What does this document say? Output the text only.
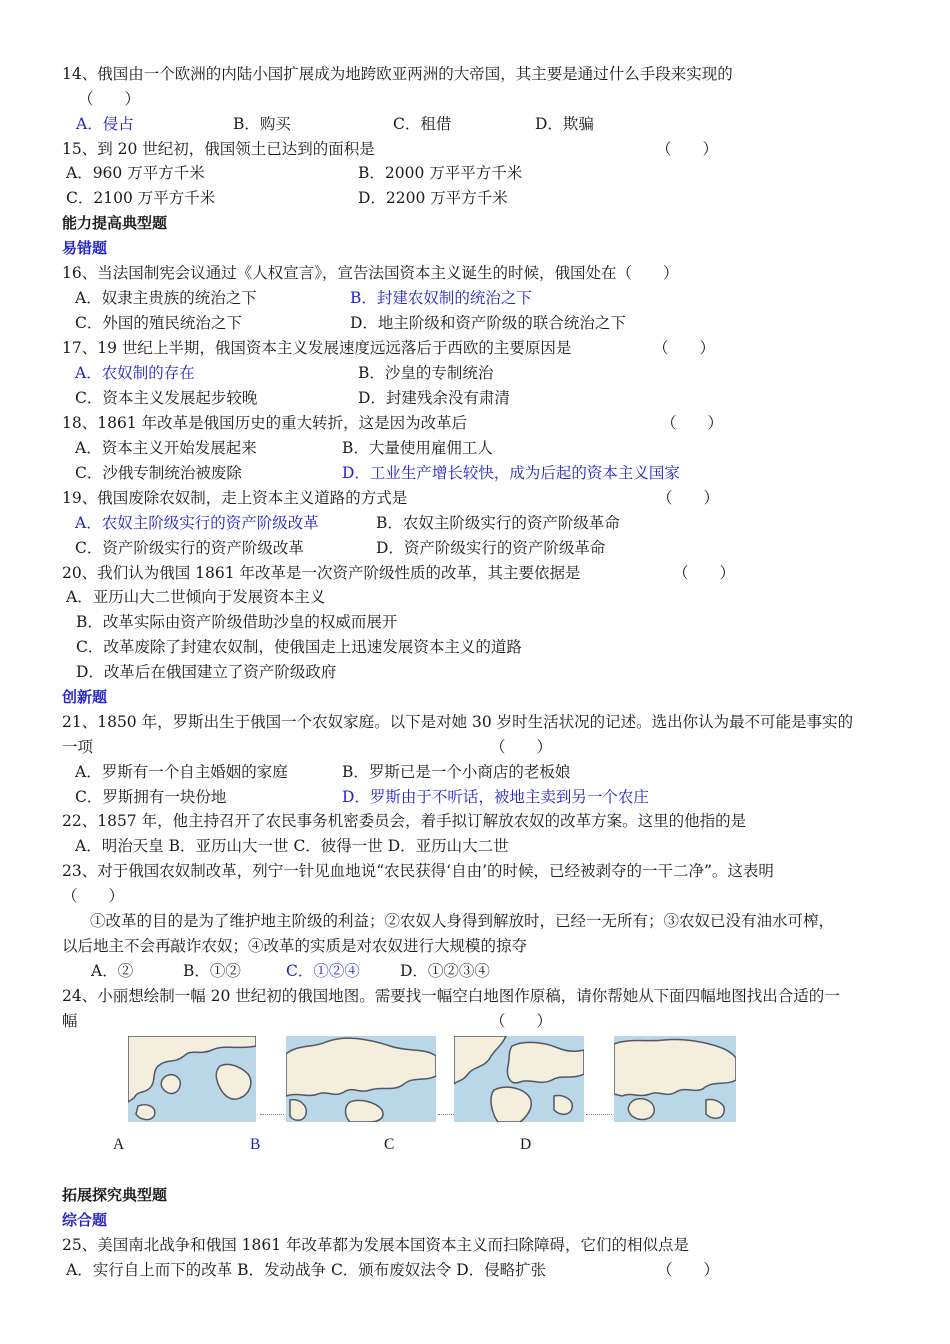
14、俄国由一个欧洲的内陆小国扩展成为地跨欧亚两洲的大帝国，其主要是通过什么手段来实现的
（　　）
A．侵占	B．购买	C．租借	D．欺骗
15、到 20 世纪初，俄国领土已达到的面积是	（　　）
A．960 万平方千米	B．2000 万平平方千米
C．2100 万平方千米	D．2200 万平方千米
能力提高典型题
易错题
16、当法国制宪会议通过《人权宣言》，宣告法国资本主义诞生的时候，俄国处在（　　）
A．奴隶主贵族的统治之下	B．封建农奴制的统治之下
C．外国的殖民统治之下	D．地主阶级和资产阶级的联合统治之下
17、19 世纪上半期，俄国资本主义发展速度远远落后于西欧的主要原因是	（　　）
A．农奴制的存在	B．沙皇的专制统治
C．资本主义发展起步较晚	D．封建残余没有肃清
18、1861 年改革是俄国历史的重大转折，这是因为改革后	（　　）
A．资本主义开始发展起来	B．大量使用雇佣工人
C．沙俄专制统治被废除	D．工业生产增长较快，成为后起的资本主义国家
19、俄国废除农奴制，走上资本主义道路的方式是	（　　）
A．农奴主阶级实行的资产阶级改革	B．农奴主阶级实行的资产阶级革命
C．资产阶级实行的资产阶级改革	D．资产阶级实行的资产阶级革命
20、我们认为俄国 1861 年改革是一次资产阶级性质的改革，其主要依据是	（　　）
A．亚历山大二世倾向于发展资本主义
B．改革实际由资产阶级借助沙皇的权威而展开
C．改革废除了封建农奴制，使俄国走上迅速发展资本主义的道路
D．改革后在俄国建立了资产阶级政府
创新题
21、1850 年，罗斯出生于俄国一个农奴家庭。以下是对她 30 岁时生活状况的记述。选出你认为最不可能是事实的
一项	（　　）
A．罗斯有一个自主婚姻的家庭	B．罗斯已是一个小商店的老板娘
C．罗斯拥有一块份地	D．罗斯由于不听话，被地主卖到另一个农庄
22、1857 年，他主持召开了农民事务机密委员会，着手拟订解放农奴的改革方案。这里的他指的是
A．明治天皇 B．亚历山大一世 C．彼得一世 D．亚历山大二世
23、对于俄国农奴制改革，列宁一针见血地说“农民获得‘自由’的时候，已经被剥夺的一干二净”。这表明
（　　）
①改革的目的是为了维护地主阶级的利益；②农奴人身得到解放时，已经一无所有；③农奴已没有油水可榨，
以后地主不会再敲诈农奴；④改革的实质是对农奴进行大规模的掠夺
A．②	B．①②	C．①②④	D．①②③④
24、小丽想绘制一幅 20 世纪初的俄国地图。需要找一幅空白地图作原稿，请你帮她从下面四幅地图找出合适的一
幅	（　　）
A	B	C	D
拓展探究典型题
综合题
25、美国南北战争和俄国 1861 年改革都为发展本国资本主义而扫除障碍，它们的相似点是
A．实行自上而下的改革 B．发动战争 C．颁布废奴法令 D．侵略扩张	（　　）
